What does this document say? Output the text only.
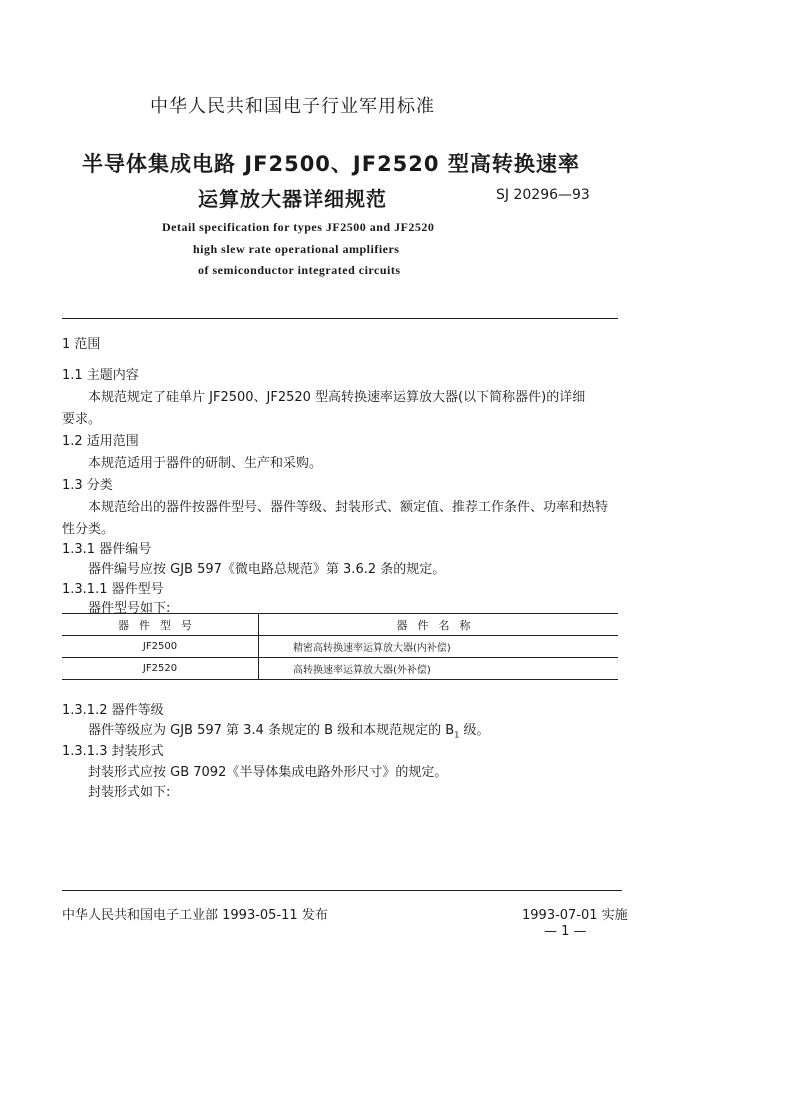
中华人民共和国电子行业军用标准
半导体集成电路 JF2500、JF2520 型高转换速率
运算放大器详细规范	SJ 20296—93
Detail specification for types JF2500 and JF2520
high slew rate operational amplifiers
of semiconductor integrated circuits
1 范围
1.1 主题内容
本规范规定了硅单片 JF2500、JF2520 型高转换速率运算放大器(以下简称器件)的详细
要求。
1.2 适用范围
本规范适用于器件的研制、生产和采购。
1.3 分类
本规范给出的器件按器件型号、器件等级、封装形式、额定值、推荐工作条件、功率和热特
性分类。
1.3.1 器件编号
器件编号应按 GJB 597《微电路总规范》第 3.6.2 条的规定。
1.3.1.1 器件型号
器件型号如下:
器件型号	器件名称
JF2500	精密高转换速率运算放大器(内补偿)
JF2520	高转换速率运算放大器(外补偿)
1.3.1.2 器件等级
器件等级应为 GJB 597 第 3.4 条规定的 B 级和本规范规定的 $B_1$ 级。
1.3.1.3 封装形式
封装形式应按 GB 7092《半导体集成电路外形尺寸》的规定。
封装形式如下:
中华人民共和国电子工业部 1993-05-11 发布	1993-07-01 实施
— 1 —
